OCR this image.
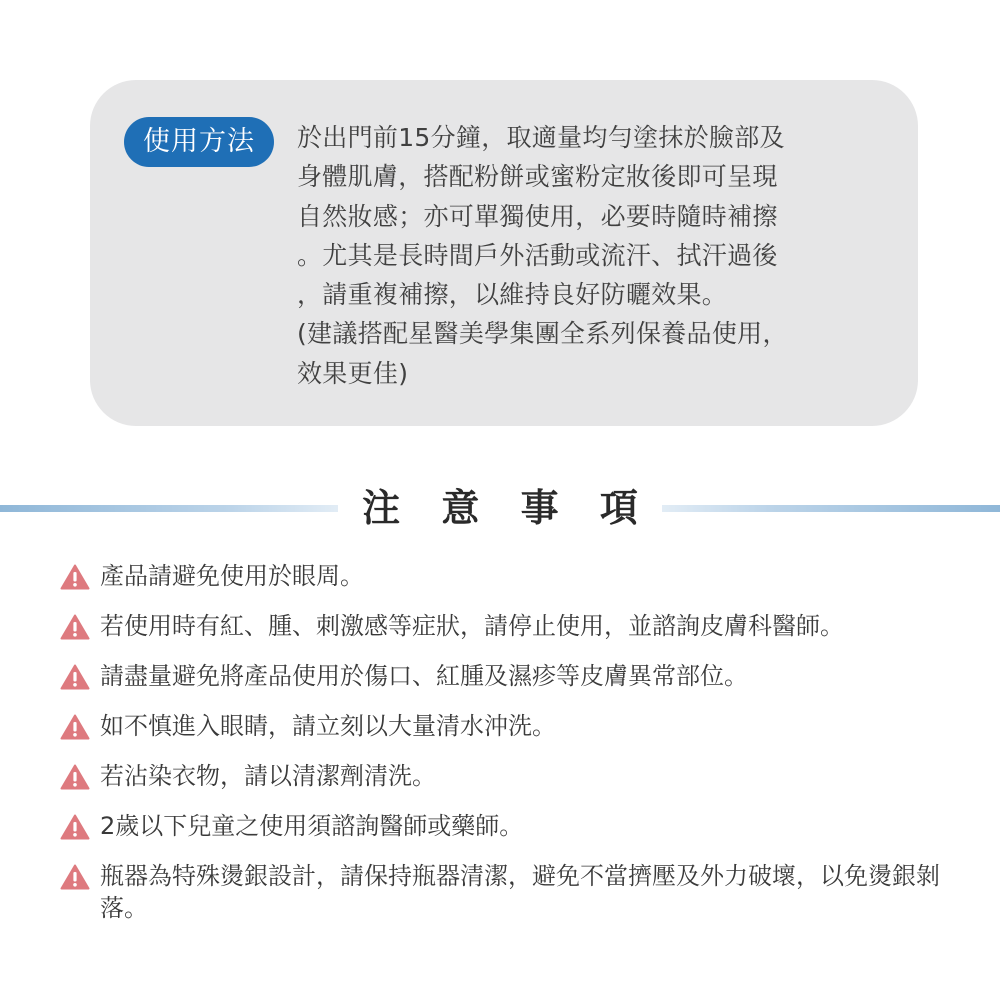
使用方法	於出門前15分鐘，取適量均勻塗抹於臉部及
身體肌膚，搭配粉餅或蜜粉定妝後即可呈現
自然妝感；亦可單獨使用，必要時隨時補擦
。尤其是長時間戶外活動或流汗、拭汗過後
，請重複補擦，以維持良好防曬效果。
(建議搭配星醫美學集團全系列保養品使用，
效果更佳)

注 意 事 項
產品請避免使用於眼周。
若使用時有紅、腫、刺激感等症狀，請停止使用，並諮詢皮膚科醫師。
請盡量避免將產品使用於傷口、紅腫及濕疹等皮膚異常部位。
如不慎進入眼睛，請立刻以大量清水沖洗。
若沾染衣物，請以清潔劑清洗。
2歲以下兒童之使用須諮詢醫師或藥師。
瓶器為特殊燙銀設計，請保持瓶器清潔，避免不當擠壓及外力破壞，以免燙銀剝落。
